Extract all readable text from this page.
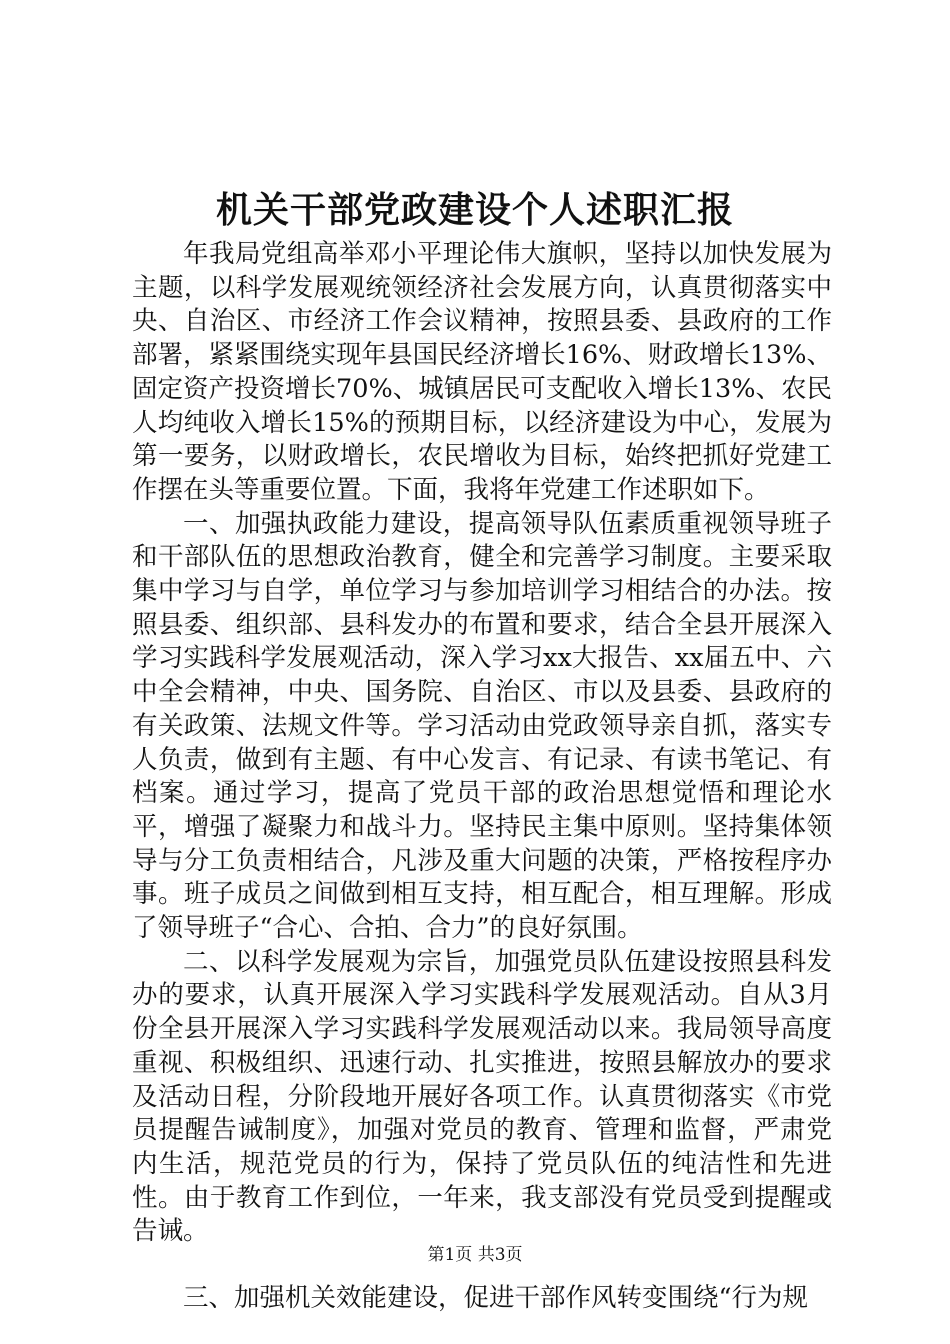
机关干部党政建设个人述职汇报

年我局党组高举邓小平理论伟大旗帜，坚持以加快发展为主题，以科学发展观统领经济社会发展方向，认真贯彻落实中央、自治区、市经济工作会议精神，按照县委、县政府的工作部署，紧紧围绕实现年县国民经济增长16%、财政增长13%、固定资产投资增长70%、城镇居民可支配收入增长13%、农民人均纯收入增长15%的预期目标，以经济建设为中心，发展为第一要务，以财政增长，农民增收为目标，始终把抓好党建工作摆在头等重要位置。下面，我将年党建工作述职如下。

一、加强执政能力建设，提高领导队伍素质重视领导班子和干部队伍的思想政治教育，健全和完善学习制度。主要采取集中学习与自学，单位学习与参加培训学习相结合的办法。按照县委、组织部、县科发办的布置和要求，结合全县开展深入学习实践科学发展观活动，深入学习xx大报告、xx届五中、六中全会精神，中央、国务院、自治区、市以及县委、县政府的有关政策、法规文件等。学习活动由党政领导亲自抓，落实专人负责，做到有主题、有中心发言、有记录、有读书笔记、有档案。通过学习，提高了党员干部的政治思想觉悟和理论水平，增强了凝聚力和战斗力。坚持民主集中原则。坚持集体领导与分工负责相结合，凡涉及重大问题的决策，严格按程序办事。班子成员之间做到相互支持，相互配合，相互理解。形成了领导班子“合心、合拍、合力”的良好氛围。

二、以科学发展观为宗旨，加强党员队伍建设按照县科发办的要求，认真开展深入学习实践科学发展观活动。自从3月份全县开展深入学习实践科学发展观活动以来。我局领导高度重视、积极组织、迅速行动、扎实推进，按照县解放办的要求及活动日程，分阶段地开展好各项工作。认真贯彻落实《市党员提醒告诫制度》，加强对党员的教育、管理和监督，严肃党内生活，规范党员的行为，保持了党员队伍的纯洁性和先进性。由于教育工作到位，一年来，我支部没有党员受到提醒或告诫。

三、加强机关效能建设，促进干部作风转变围绕“行为规

第1页 共3页
